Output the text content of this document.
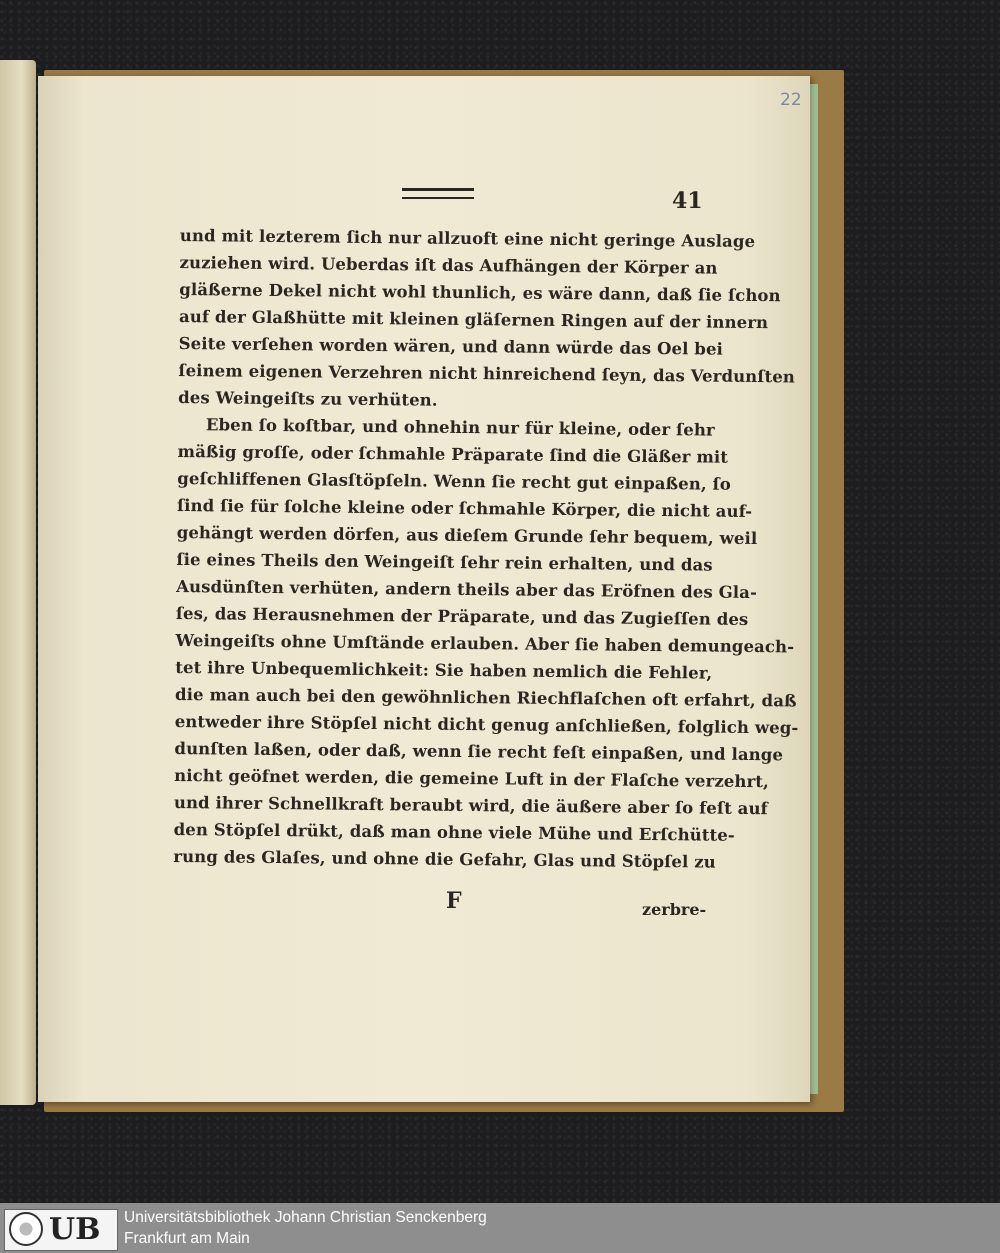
22
41
und mit lezterem ſich nur allzuoft eine nicht geringe Auslage
zuziehen wird. Ueberdas iſt das Aufhängen der Körper an
gläßerne Dekel nicht wohl thunlich, es wäre dann, daß ſie ſchon
auf der Glaßhütte mit kleinen gläſernen Ringen auf der innern
Seite verſehen worden wären, und dann würde das Oel bei
ſeinem eigenen Verzehren nicht hinreichend ſeyn, das Verdunſten
des Weingeiſts zu verhüten.
Eben ſo koſtbar, und ohnehin nur für kleine, oder ſehr
mäßig groſſe, oder ſchmahle Präparate ſind die Gläßer mit
geſchliffenen Glasſtöpſeln. Wenn ſie recht gut einpaßen, ſo
ſind ſie für ſolche kleine oder ſchmahle Körper, die nicht auf-
gehängt werden dörfen, aus dieſem Grunde ſehr bequem, weil
ſie eines Theils den Weingeiſt ſehr rein erhalten, und das
Ausdünſten verhüten, andern theils aber das Eröfnen des Gla-
ſes, das Herausnehmen der Präparate, und das Zugieſſen des
Weingeiſts ohne Umſtände erlauben. Aber ſie haben demungeach-
tet ihre Unbequemlichkeit: Sie haben nemlich die Fehler,
die man auch bei den gewöhnlichen Riechflaſchen oft erfahrt, daß
entweder ihre Stöpſel nicht dicht genug anſchließen, folglich weg-
dunſten laßen, oder daß, wenn ſie recht feſt einpaßen, und lange
nicht geöfnet werden, die gemeine Luft in der Flaſche verzehrt,
und ihrer Schnellkraft beraubt wird, die äußere aber ſo feſt auf
den Stöpſel drükt, daß man ohne viele Mühe und Erſchütte-
rung des Glaſes, und ohne die Gefahr, Glas und Stöpſel zu
F	zerbre-
UB Universitätsbibliothek Johann Christian Senckenberg
Frankfurt am Main
